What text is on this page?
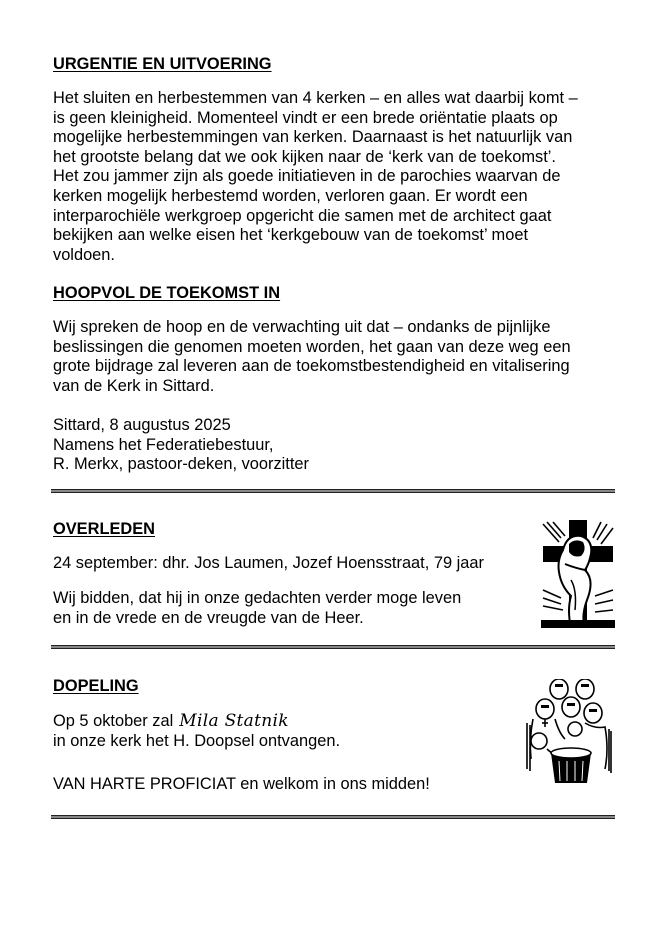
URGENTIE EN UITVOERING
Het sluiten en herbestemmen van 4 kerken – en alles wat daarbij komt –
is geen kleinigheid. Momenteel vindt er een brede oriëntatie plaats op
mogelijke herbestemmingen van kerken. Daarnaast is het natuurlijk van
het grootste belang dat we ook kijken naar de ‘kerk van de toekomst’.
Het zou jammer zijn als goede initiatieven in de parochies waarvan de
kerken mogelijk herbestemd worden, verloren gaan. Er wordt een
interparochiële werkgroep opgericht die samen met de architect gaat
bekijken aan welke eisen het ‘kerkgebouw van de toekomst’ moet
voldoen.
HOOPVOL DE TOEKOMST IN
Wij spreken de hoop en de verwachting uit dat – ondanks de pijnlijke
beslissingen die genomen moeten worden, het gaan van deze weg een
grote bijdrage zal leveren aan de toekomstbestendigheid en vitalisering
van de Kerk in Sittard.
Sittard, 8 augustus 2025
Namens het Federatiebestuur,
R. Merkx, pastoor-deken, voorzitter
OVERLEDEN
24 september: dhr. Jos Laumen, Jozef Hoensstraat, 79 jaar
Wij bidden, dat hij in onze gedachten verder moge leven
en in de vrede en de vreugde van de Heer.
DOPELING
Op 5 oktober zal Mila Statnik
in onze kerk het H. Doopsel ontvangen.
VAN HARTE PROFICIAT en welkom in ons midden!
